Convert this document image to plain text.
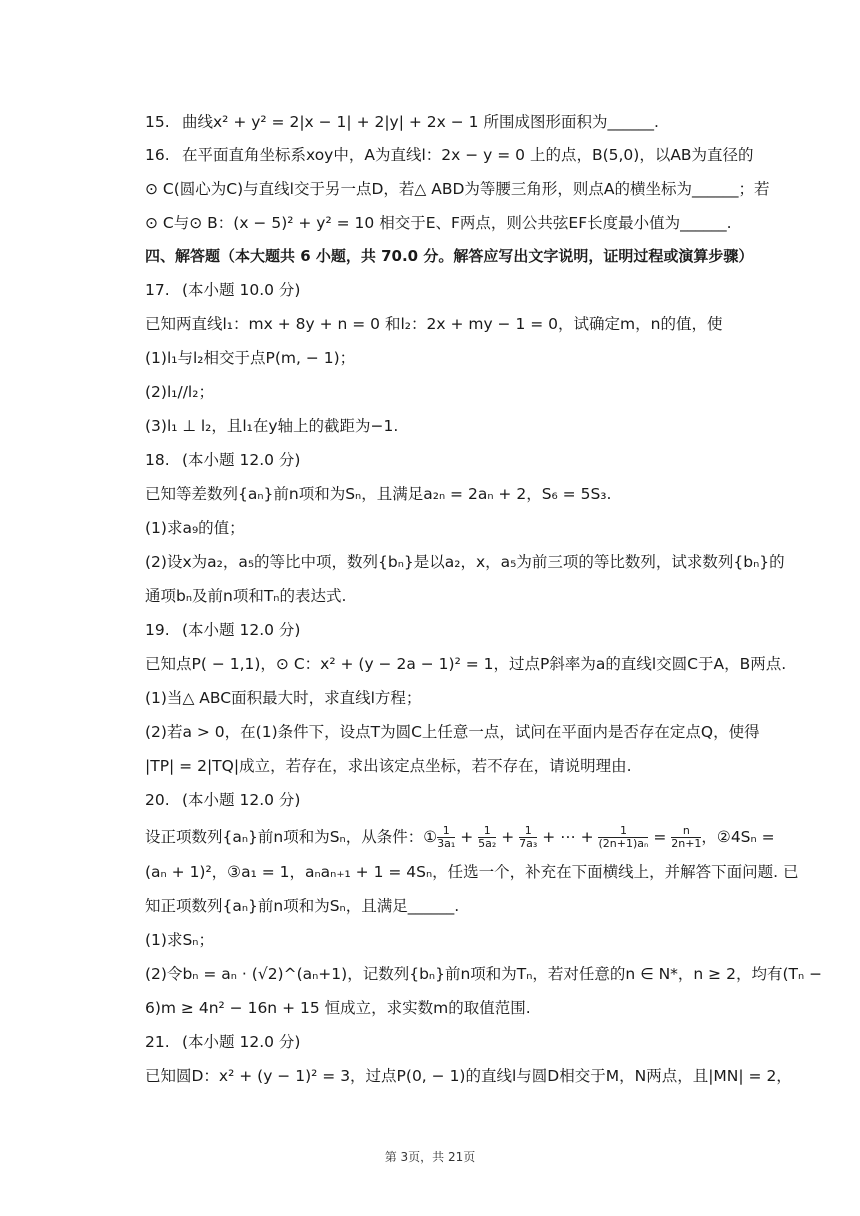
15. 曲线x² + y² = 2|x − 1| + 2|y| + 2x − 1 所围成图形面积为______.
16. 在平面直角坐标系xoy中，A为直线l：2x − y = 0 上的点，B(5,0)，以AB为直径的
⊙ C(圆心为C)与直线l交于另一点D，若△ ABD为等腰三角形，则点A的横坐标为______；若
⊙ C与⊙ B：(x − 5)² + y² = 10 相交于E、F两点，则公共弦EF长度最小值为______.
四、解答题（本大题共 6 小题，共 70.0 分。解答应写出文字说明，证明过程或演算步骤）
17. (本小题 10.0 分)
已知两直线l₁：mx + 8y + n = 0 和l₂：2x + my − 1 = 0，试确定m，n的值，使
(1)l₁与l₂相交于点P(m, − 1)；
(2)l₁//l₂；
(3)l₁ ⊥ l₂，且l₁在y轴上的截距为−1.
18. (本小题 12.0 分)
已知等差数列{aₙ}前n项和为Sₙ，且满足a₂ₙ = 2aₙ + 2，S₆ = 5S₃.
(1)求a₉的值；
(2)设x为a₂，a₅的等比中项，数列{bₙ}是以a₂，x，a₅为前三项的等比数列，试求数列{bₙ}的
通项bₙ及前n项和Tₙ的表达式.
19. (本小题 12.0 分)
已知点P( − 1,1)，⊙ C：x² + (y − 2a − 1)² = 1，过点P斜率为a的直线l交圆C于A，B两点.
(1)当△ ABC面积最大时，求直线l方程；
(2)若a > 0，在(1)条件下，设点T为圆C上任意一点，试问在平面内是否存在定点Q，使得
|TP| = 2|TQ|成立，若存在，求出该定点坐标，若不存在，请说明理由.
20. (本小题 12.0 分)
设正项数列{aₙ}前n项和为Sₙ，从条件：① $\frac{1}{\text{3a₁}} + \frac{1}{\text{5a₂}} + \frac{1}{\text{7a₃}}$ + ⋯ + $\frac{1}{\text{(2n+1)aₙ}} = \frac{n}{2n+1}$ ，②4Sₙ =
(aₙ + 1)²，③a₁ = 1，aₙaₙ₊₁ + 1 = 4Sₙ，任选一个，补充在下面横线上，并解答下面问题. 已
知正项数列{aₙ}前n项和为Sₙ，且满足______.
(1)求Sₙ；
(2)令bₙ = aₙ · (√2)^(aₙ+1)，记数列{bₙ}前n项和为Tₙ，若对任意的n ∈ N*，n ≥ 2，均有(Tₙ −
6)m ≥ 4n² − 16n + 15 恒成立，求实数m的取值范围.
21. (本小题 12.0 分)
已知圆D：x² + (y − 1)² = 3，过点P(0, − 1)的直线l与圆D相交于M，N两点，且|MN| = 2，
第 3页，共 21页
